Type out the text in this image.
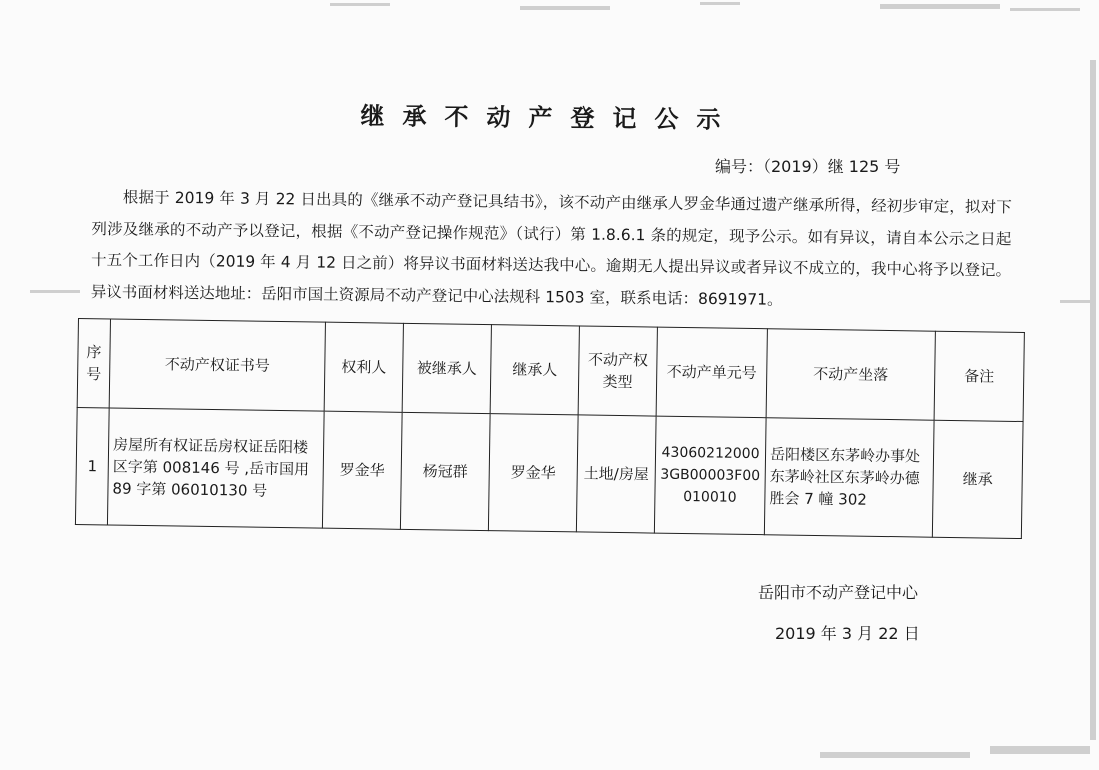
继承不动产登记公示
编号：（2019）继 125 号

根据于 2019 年 3 月 22 日出具的《继承不动产登记具结书》，该不动产由继承人罗金华通过遗产继承所得，经初步审定，拟对下列涉及继承的不动产予以登记，根据《不动产登记操作规范》（试行）第 1.8.6.1 条的规定，现予公示。如有异议，请自本公示之日起十五个工作日内（2019 年 4 月 12 日之前）将异议书面材料送达我中心。逾期无人提出异议或者异议不成立的，我中心将予以登记。异议书面材料送达地址：岳阳市国土资源局不动产登记中心法规科 1503 室，联系电话：8691971。

序号	不动产权证书号	权利人	被继承人	继承人	不动产权类型	不动产单元号	不动产坐落	备注
1	房屋所有权证岳房权证岳阳楼区字第 008146 号 ,岳市国用 89 字第 06010130 号	罗金华	杨冠群	罗金华	土地/房屋	430602120003GB00003F00010010	岳阳楼区东茅岭办事处东茅岭社区东茅岭办德胜会 7 幢 302	继承
岳阳市不动产登记中心
2019 年 3 月 22 日
